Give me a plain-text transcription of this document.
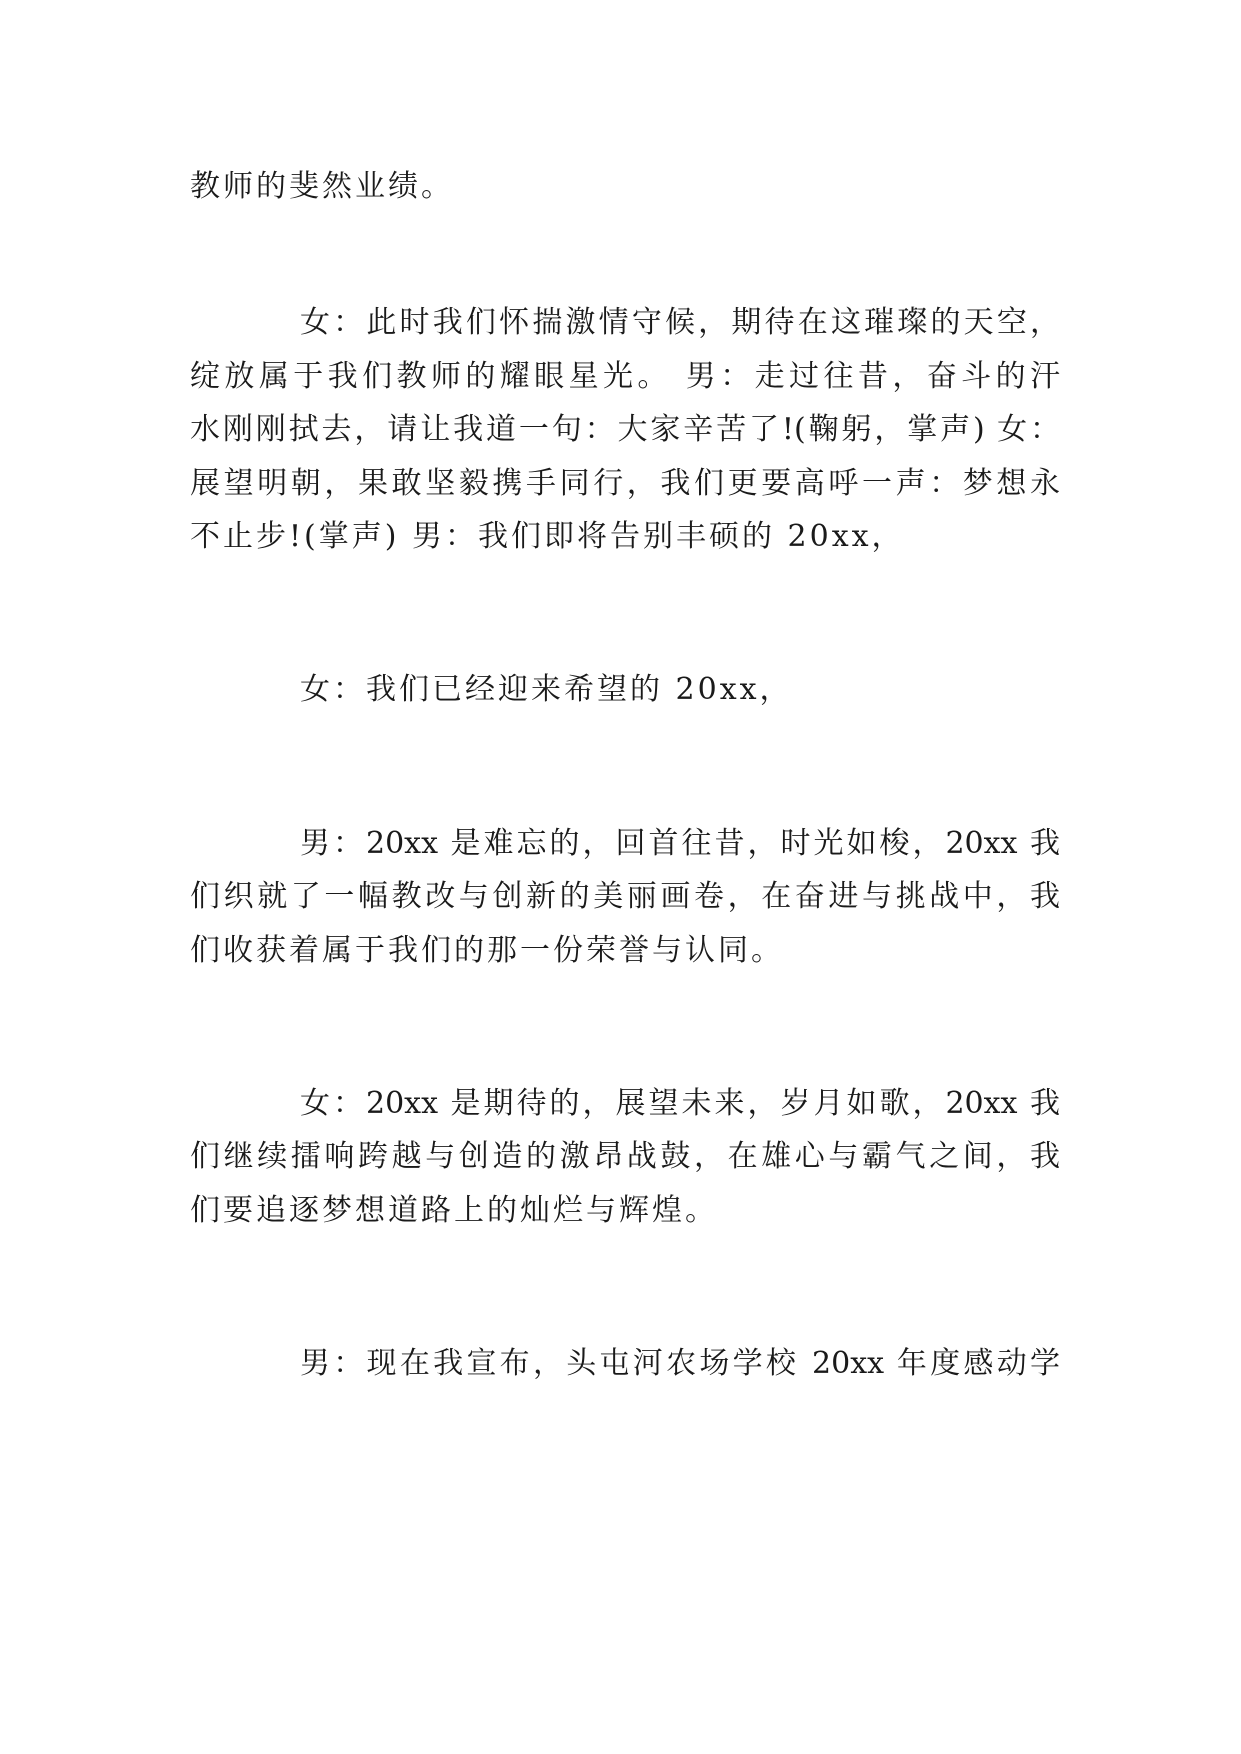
教师的斐然业绩。
女：此时我们怀揣激情守候，期待在这璀璨的天空，
绽放属于我们教师的耀眼星光。 男：走过往昔，奋斗的汗
水刚刚拭去，请让我道一句：大家辛苦了!(鞠躬，掌声) 女：
展望明朝，果敢坚毅携手同行，我们更要高呼一声：梦想永
不止步!(掌声) 男：我们即将告别丰硕的 20xx，
女：我们已经迎来希望的 20xx，
男：20xx 是难忘的，回首往昔，时光如梭，20xx 我
们织就了一幅教改与创新的美丽画卷，在奋进与挑战中，我
们收获着属于我们的那一份荣誉与认同。
女：20xx 是期待的，展望未来，岁月如歌，20xx 我
们继续擂响跨越与创造的激昂战鼓，在雄心与霸气之间，我
们要追逐梦想道路上的灿烂与辉煌。
男：现在我宣布，头屯河农场学校 20xx 年度感动学
